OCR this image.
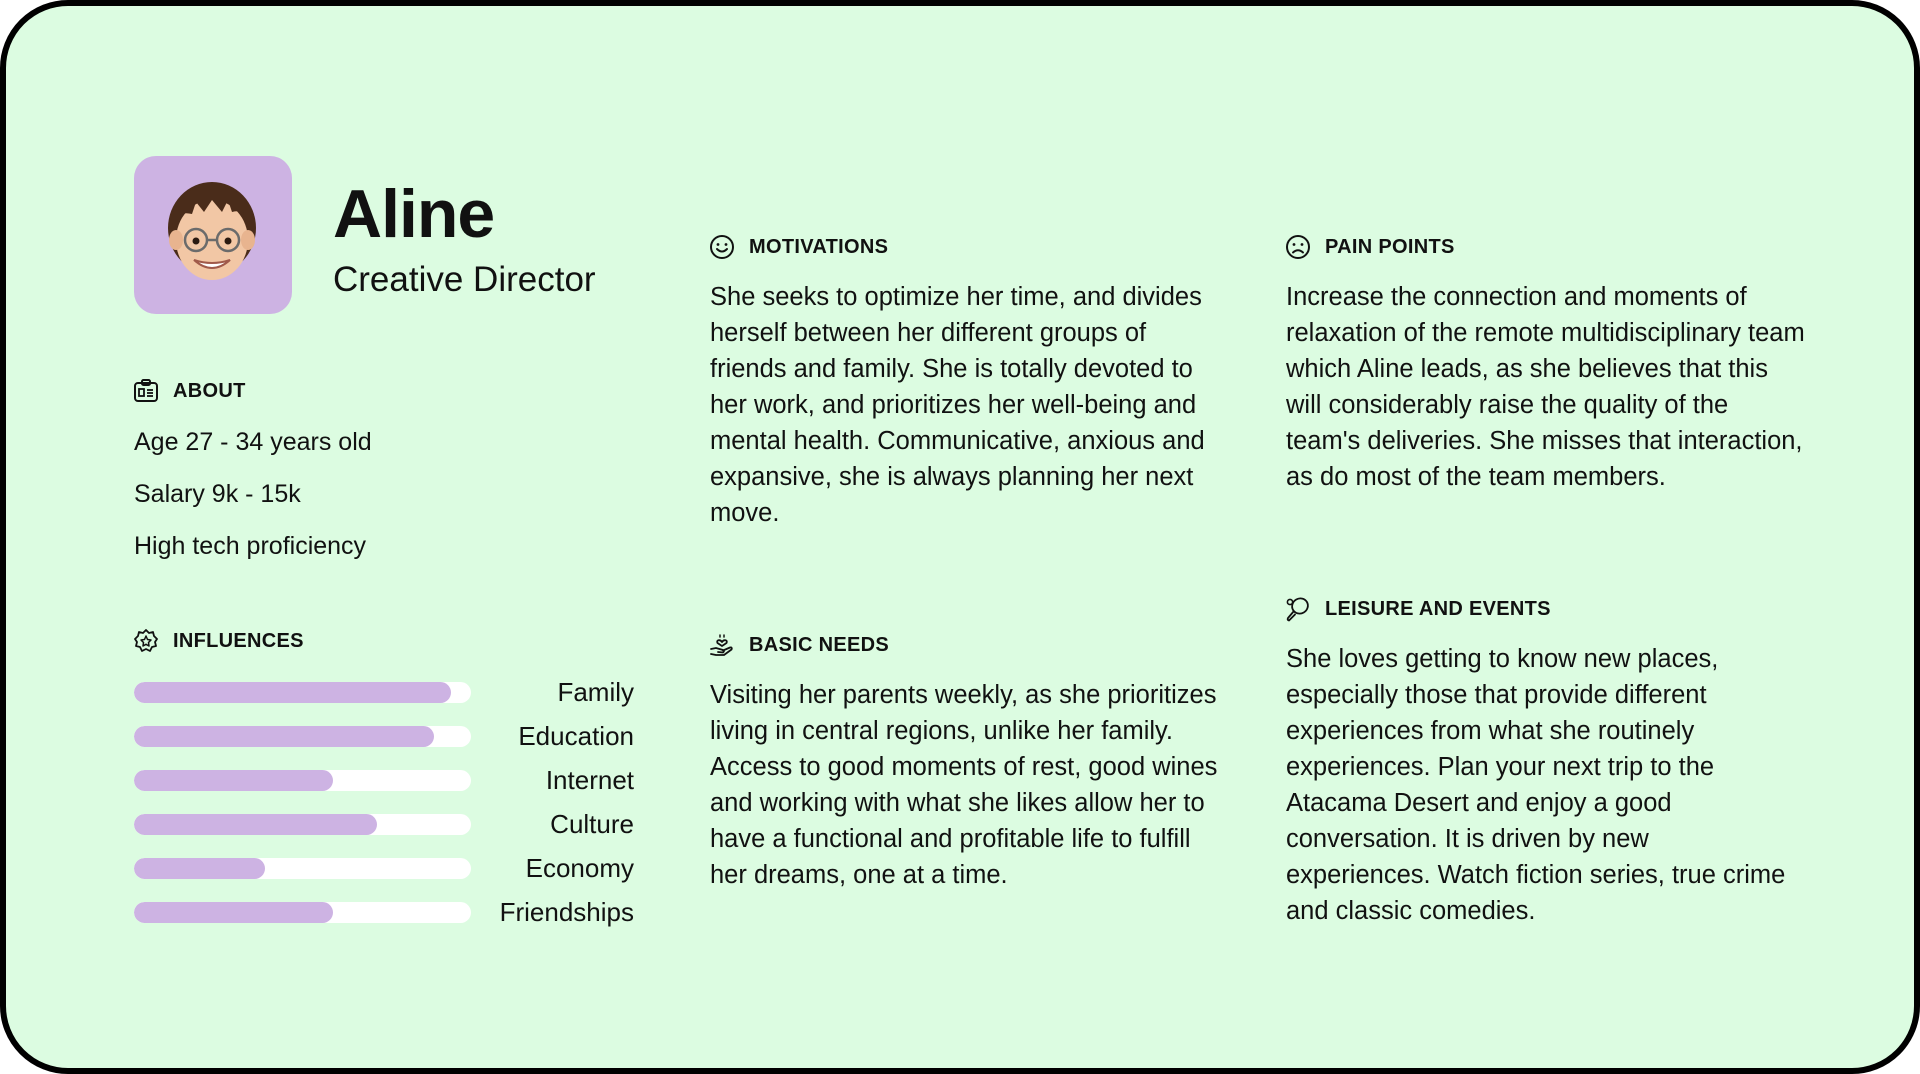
Aline
Creative Director
ABOUT
Age 27 - 34 years old
Salary 9k - 15k
High tech proficiency
INFLUENCES
Family
Education
Internet
Culture
Economy
Friendships
MOTIVATIONS
She seeks to optimize her time, and divides herself between her different groups of friends and family. She is totally devoted to her work, and prioritizes her well-being and mental health. Communicative, anxious and expansive, she is always planning her next move.
PAIN POINTS
Increase the connection and moments of relaxation of the remote multidisciplinary team which Aline leads, as she believes that this will considerably raise the quality of the team's deliveries. She misses that interaction, as do most of the team members.
BASIC NEEDS
Visiting her parents weekly, as she prioritizes living in central regions, unlike her family. Access to good moments of rest, good wines and working with what she likes allow her to have a functional and profitable life to fulfill her dreams, one at a time.
LEISURE AND EVENTS
She loves getting to know new places, especially those that provide different experiences from what she routinely experiences. Plan your next trip to the Atacama Desert and enjoy a good conversation. It is driven by new experiences. Watch fiction series, true crime and classic comedies.
